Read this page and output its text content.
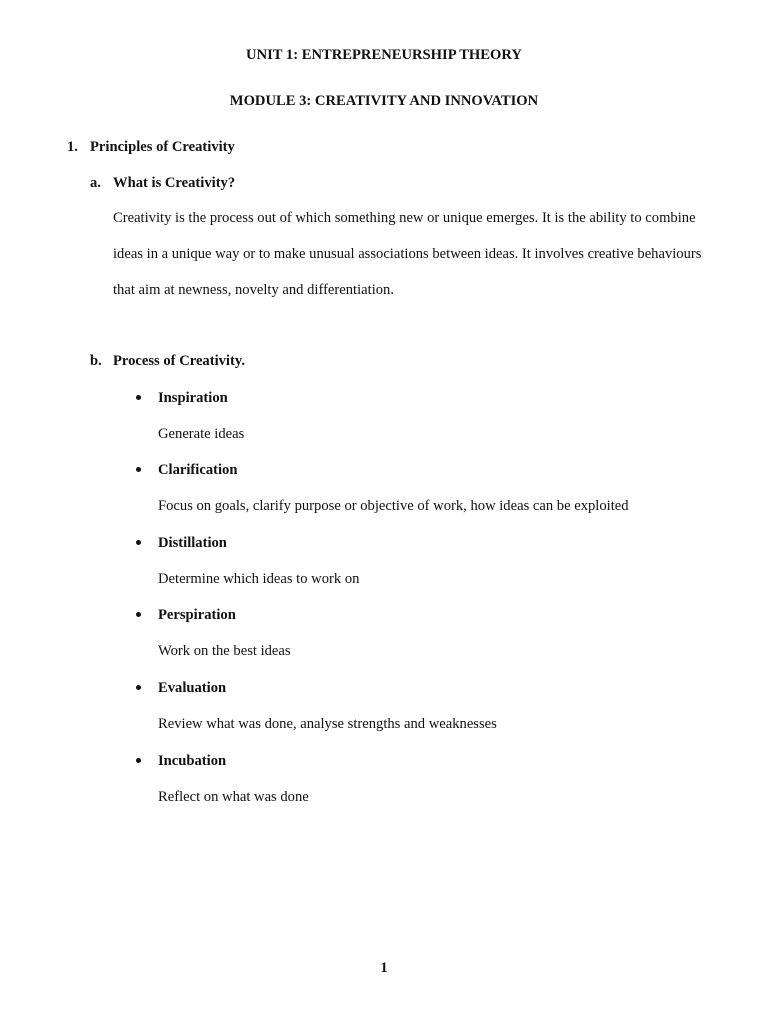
UNIT 1: ENTREPRENEURSHIP THEORY
MODULE 3: CREATIVITY AND INNOVATION
1. Principles of Creativity
a. What is Creativity?
Creativity is the process out of which something new or unique emerges. It is the ability to combine
ideas in a unique way or to make unusual associations between ideas. It involves creative behaviours
that aim at newness, novelty and differentiation.
b. Process of Creativity.
Inspiration
Generate ideas
Clarification
Focus on goals, clarify purpose or objective of work, how ideas can be exploited
Distillation
Determine which ideas to work on
Perspiration
Work on the best ideas
Evaluation
Review what was done, analyse strengths and weaknesses
Incubation
Reflect on what was done
1
